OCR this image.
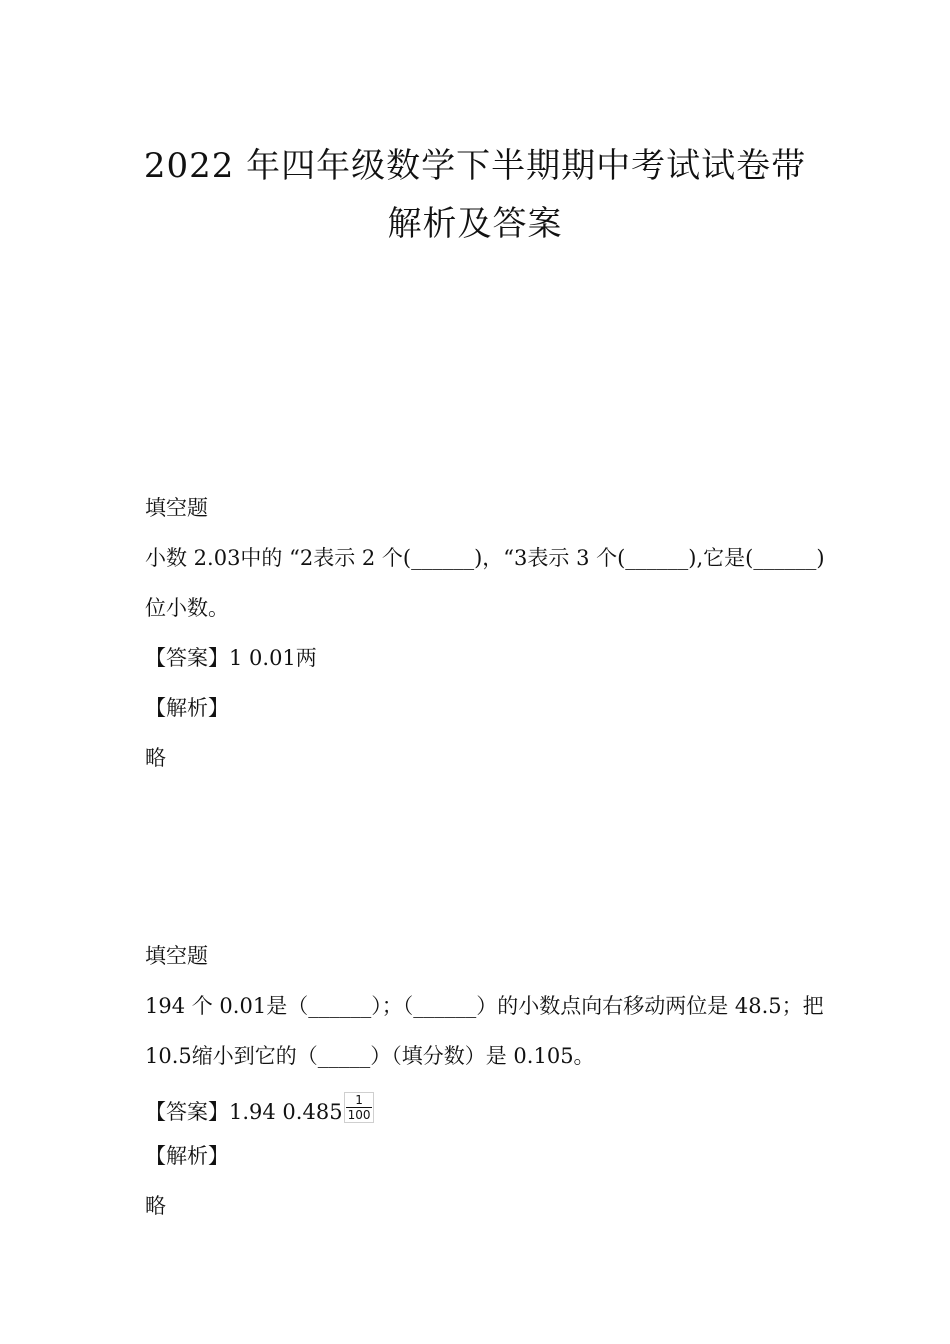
2022 年四年级数学下半期期中考试试卷带
解析及答案
填空题
小数 2.03中的 “2表示 2 个(______)，“3表示 3 个(______),它是(______)
位小数。
【答案】1 0.01两
【解析】
略
填空题
194 个 0.01是（______）；（______）的小数点向右移动两位是 48.5；把
10.5缩小到它的（_____）（填分数）是 0.105。
【答案】1.94 $0.485 \frac{1}{100}$
【解析】
略
